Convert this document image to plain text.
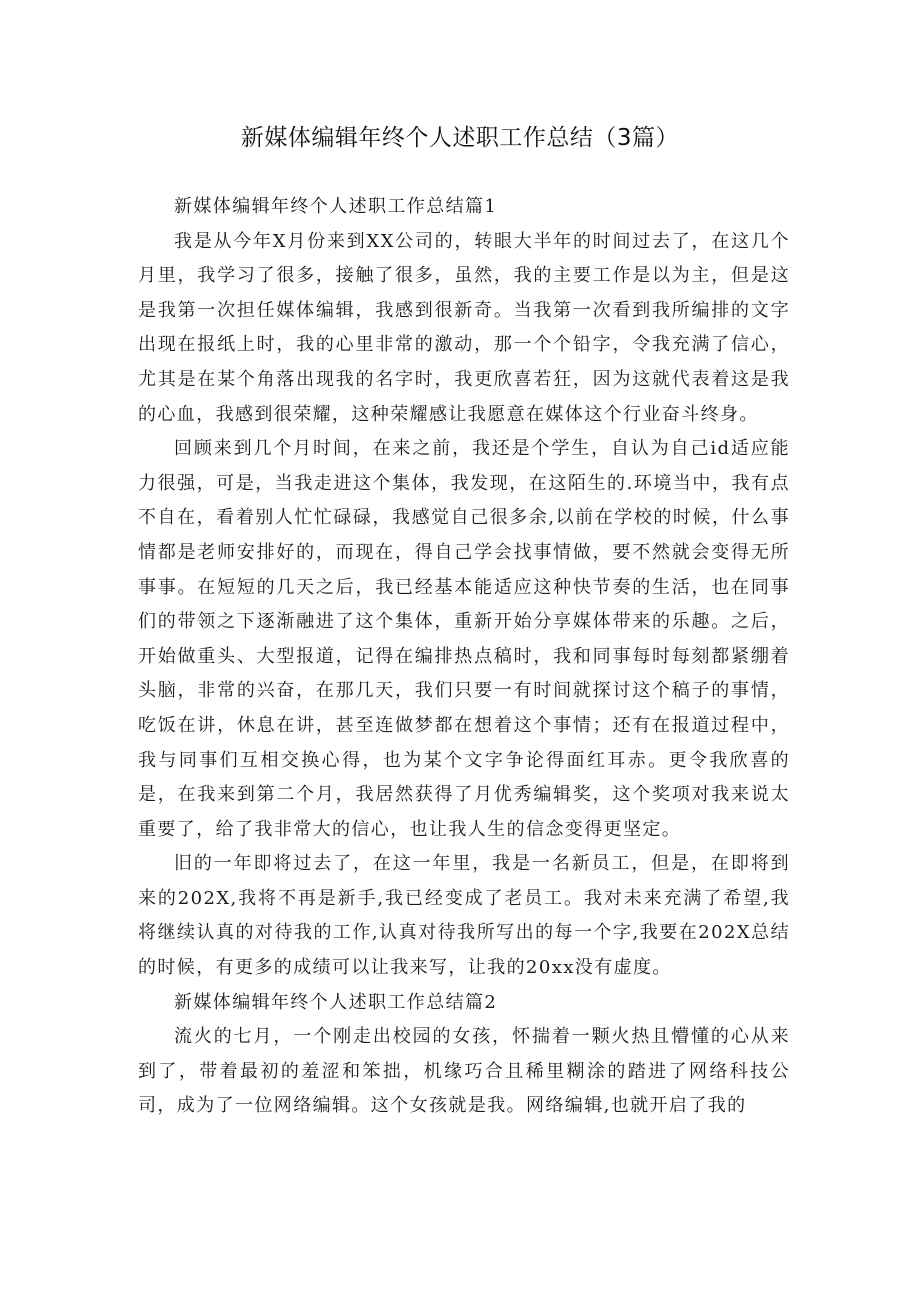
新媒体编辑年终个人述职工作总结（3篇）

新媒体编辑年终个人述职工作总结篇1

我是从今年X月份来到XX公司的，转眼大半年的时间过去了，在这几个月里，我学习了很多，接触了很多，虽然，我的主要工作是以为主，但是这是我第一次担任媒体编辑，我感到很新奇。当我第一次看到我所编排的文字出现在报纸上时，我的心里非常的激动，那一个个铅字，令我充满了信心，尤其是在某个角落出现我的名字时，我更欣喜若狂，因为这就代表着这是我的心血，我感到很荣耀，这种荣耀感让我愿意在媒体这个行业奋斗终身。

回顾来到几个月时间，在来之前，我还是个学生，自认为自己id适应能力很强，可是，当我走进这个集体，我发现，在这陌生的.环境当中，我有点不自在，看着别人忙忙碌碌，我感觉自己很多余,以前在学校的时候，什么事情都是老师安排好的，而现在，得自己学会找事情做，要不然就会变得无所事事。在短短的几天之后，我已经基本能适应这种快节奏的生活，也在同事们的带领之下逐渐融进了这个集体，重新开始分享媒体带来的乐趣。之后，开始做重头、大型报道，记得在编排热点稿时，我和同事每时每刻都紧绷着头脑，非常的兴奋，在那几天，我们只要一有时间就探讨这个稿子的事情，吃饭在讲，休息在讲，甚至连做梦都在想着这个事情；还有在报道过程中，我与同事们互相交换心得，也为某个文字争论得面红耳赤。更令我欣喜的是，在我来到第二个月，我居然获得了月优秀编辑奖，这个奖项对我来说太重要了，给了我非常大的信心，也让我人生的信念变得更坚定。

旧的一年即将过去了，在这一年里，我是一名新员工，但是，在即将到来的202X,我将不再是新手,我已经变成了老员工。我对未来充满了希望,我将继续认真的对待我的工作,认真对待我所写出的每一个字,我要在202X总结的时候，有更多的成绩可以让我来写，让我的20xx没有虚度。

新媒体编辑年终个人述职工作总结篇2

流火的七月，一个刚走出校园的女孩，怀揣着一颗火热且懵懂的心从来到了，带着最初的羞涩和笨拙，机缘巧合且稀里糊涂的踏进了网络科技公司，成为了一位网络编辑。这个女孩就是我。网络编辑,也就开启了我的
